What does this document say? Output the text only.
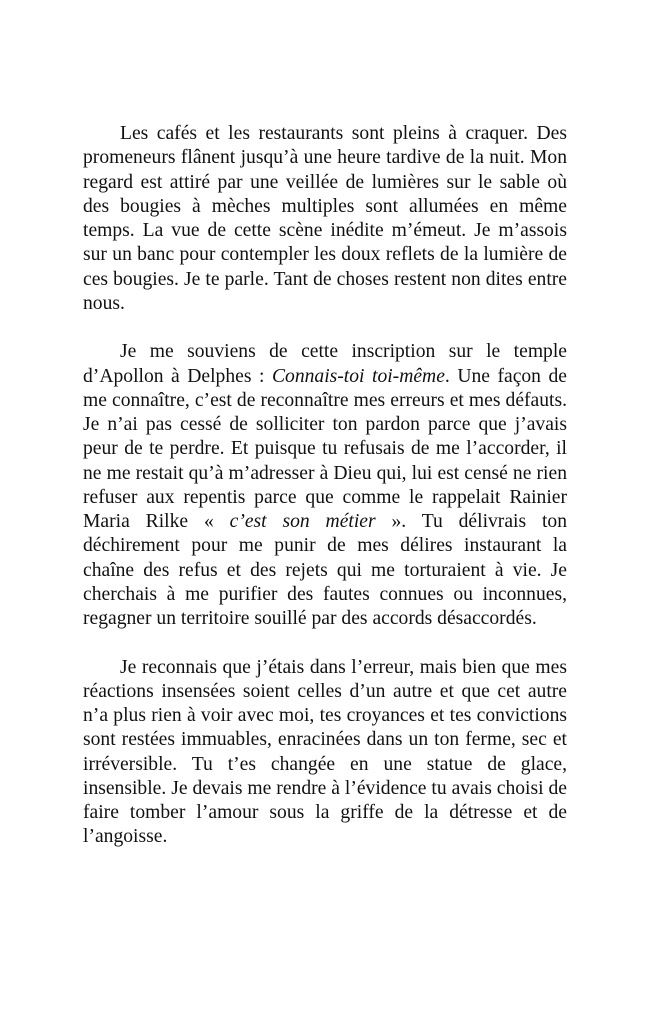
Les cafés et les restaurants sont pleins à craquer. Des promeneurs flânent jusqu’à une heure tardive de la nuit. Mon regard est attiré par une veillée de lumières sur le sable où des bougies à mèches multiples sont allumées en même temps. La vue de cette scène inédite m’émeut. Je m’assois sur un banc pour contempler les doux reflets de la lumière de ces bougies. Je te parle. Tant de choses restent non dites entre nous.

Je me souviens de cette inscription sur le temple d’Apollon à Delphes : Connais-toi toi-même. Une façon de me connaître, c’est de reconnaître mes erreurs et mes défauts. Je n’ai pas cessé de solliciter ton pardon parce que j’avais peur de te perdre. Et puisque tu refusais de me l’accorder, il ne me restait qu’à m’adresser à Dieu qui, lui est censé ne rien refuser aux repentis parce que comme le rappelait Rainier Maria Rilke « c’est son métier ». Tu délivrais ton déchirement pour me punir de mes délires instaurant la chaîne des refus et des rejets qui me torturaient à vie. Je cherchais à me purifier des fautes connues ou inconnues, regagner un territoire souillé par des accords désaccordés.

Je reconnais que j’étais dans l’erreur, mais bien que mes réactions insensées soient celles d’un autre et que cet autre n’a plus rien à voir avec moi, tes croyances et tes convictions sont restées immuables, enracinées dans un ton ferme, sec et irréversible. Tu t’es changée en une statue de glace, insensible. Je devais me rendre à l’évidence tu avais choisi de faire tomber l’amour sous la griffe de la détresse et de l’angoisse.
